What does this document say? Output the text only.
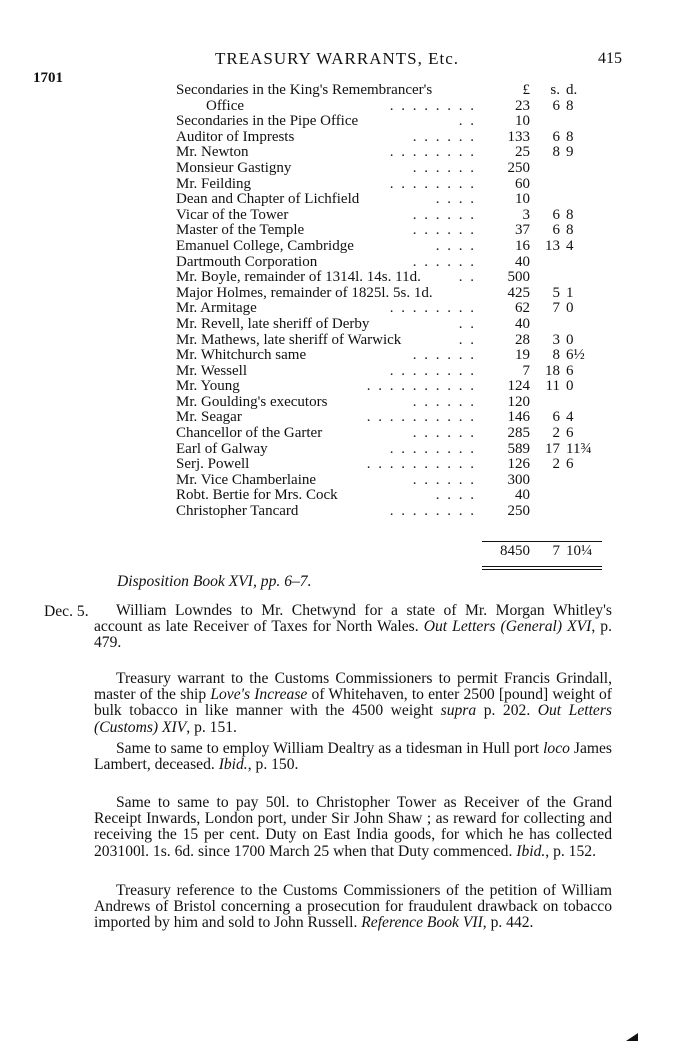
TREASURY WARRANTS, Etc.	415
1701
Secondaries in the King's Remembrancer's	£	s. d.
Office	. . . . . . . .	23	6 8
Secondaries in the Pipe Office	. .	10
Auditor of Imprests	. . . . . .	133	6 8
Mr. Newton	. . . . . . . .	25	8 9
Monsieur Gastigny	. . . . . .	250
Mr. Feilding	. . . . . . . .	60
Dean and Chapter of Lichfield	. . . .	10
Vicar of the Tower	. . . . . .	3	6 8
Master of the Temple	. . . . . .	37	6 8
Emanuel College, Cambridge	. . . .	16	13 4
Dartmouth Corporation	. . . . . .	40
Mr. Boyle, remainder of 1314l. 14s. 11d.	. .	500
Major Holmes, remainder of 1825l. 5s. 1d.	425	5 1
Mr. Armitage	. . . . . . . .	62	7 0
Mr. Revell, late sheriff of Derby	. .	40
Mr. Mathews, late sheriff of Warwick	. .	28	3 0
Mr. Whitchurch same	. . . . . .	19	8 6½
Mr. Wessell	. . . . . . . .	7	18 6
Mr. Young	. . . . . . . . . .	124	11 0
Mr. Goulding's executors	. . . . . .	120
Mr. Seagar	. . . . . . . . . .	146	6 4
Chancellor of the Garter	. . . . . .	285	2 6
Earl of Galway	. . . . . . . .	589	17 11¾
Serj. Powell	. . . . . . . . . .	126	2 6
Mr. Vice Chamberlaine	. . . . . .	300
Robt. Bertie for Mrs. Cock	. . . .	40
Christopher Tancard	. . . . . . . .	250
8450	7 10¼
Disposition Book XVI, pp. 6–7.
Dec. 5.	William Lowndes to Mr. Chetwynd for a state of Mr. Morgan Whitley's account as late Receiver of Taxes for North Wales. Out Letters (General) XVI, p. 479.
Treasury warrant to the Customs Commissioners to permit Francis Grindall, master of the ship Love's Increase of Whitehaven, to enter 2500 [pound] weight of bulk tobacco in like manner with the 4500 weight supra p. 202. Out Letters (Customs) XIV, p. 151.
Same to same to employ William Dealtry as a tidesman in Hull port loco James Lambert, deceased. Ibid., p. 150.
Same to same to pay 50l. to Christopher Tower as Receiver of the Grand Receipt Inwards, London port, under Sir John Shaw ; as reward for collecting and receiving the 15 per cent. Duty on East India goods, for which he has collected 203100l. 1s. 6d. since 1700 March 25 when that Duty commenced. Ibid., p. 152.
Treasury reference to the Customs Commissioners of the petition of William Andrews of Bristol concerning a prosecution for fraudulent drawback on tobacco imported by him and sold to John Russell. Reference Book VII, p. 442.
